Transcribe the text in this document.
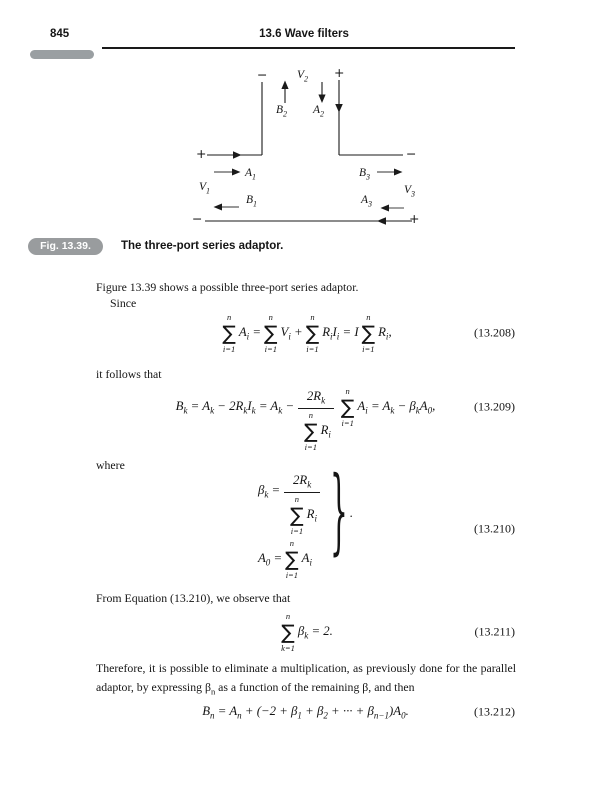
845	13.6 Wave filters
$V_2$
$B_2$ $A_2$
$A_1$
$V_1$
$B_1$
$B_3$
$V_3$
$A_3$
−	+
+	−
−	+
Fig. 13.39.	The three-port series adaptor.
Figure 13.39 shows a possible three-port series adaptor.
Since
n
∑
i=1
$A_i$ =
n
∑
i=1
$V_i$ +
n
∑
i=1
$R_iI_i = I$
n
∑
i=1
$R_i$,	(13.208)
it follows that
$B_k = A_k - 2R_kI_k = A_k - 2R_k$
n
∑
i=1
$R_i$ n
∑
i=1
$A_i = A_k - \beta_kA_0$,	(13.209)
where
$\beta_k$ =
$2R_k$
n
∑
i=1
$R_i$
$A_0$ =
n
∑
i=1
$A_i$ } .
(13.210)
From Equation (13.210), we observe that
n
∑
k=1
$\beta_k = 2$.	(13.211)
Therefore, it is possible to eliminate a multiplication, as previously done for the parallel adaptor, by expressing $\beta_n$ as a function of the remaining β, and then
$B_n = A_n + (-2 + \beta_1 + \beta_2$ + ··· + $\beta_{n-1})A_0$.	(13.212)
